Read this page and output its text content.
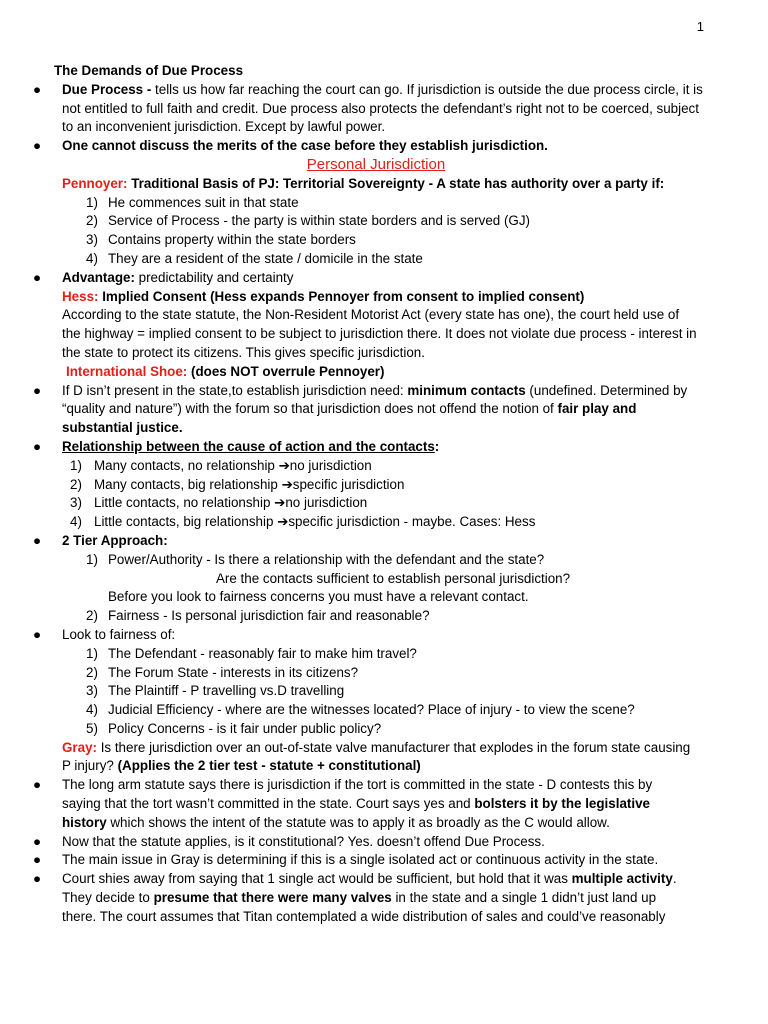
1
The Demands of Due Process
● Due Process - tells us how far reaching the court can go. If jurisdiction is outside the due process circle, it is
not entitled to full faith and credit. Due process also protects the defendant’s right not to be coerced, subject
to an inconvenient jurisdiction. Except by lawful power.
● One cannot discuss the merits of the case before they establish jurisdiction.
Personal Jurisdiction
Pennoyer: Traditional Basis of PJ: Territorial Sovereignty - A state has authority over a party if:
1) He commences suit in that state
2) Service of Process - the party is within state borders and is served (GJ)
3) Contains property within the state borders
4) They are a resident of the state / domicile in the state
● Advantage: predictability and certainty
Hess: Implied Consent (Hess expands Pennoyer from consent to implied consent)
According to the state statute, the Non-Resident Motorist Act (every state has one), the court held use of
the highway = implied consent to be subject to jurisdiction there. It does not violate due process - interest in
the state to protect its citizens. This gives specific jurisdiction.
International Shoe: (does NOT overrule Pennoyer)
● If D isn’t present in the state,to establish jurisdiction need: minimum contacts (undefined. Determined by
“quality and nature”) with the forum so that jurisdiction does not offend the notion of fair play and
substantial justice.
● Relationship between the cause of action and the contacts:
1) Many contacts, no relationship ➔no jurisdiction
2) Many contacts, big relationship ➔specific jurisdiction
3) Little contacts, no relationship ➔no jurisdiction
4) Little contacts, big relationship ➔specific jurisdiction - maybe. Cases: Hess
● 2 Tier Approach:
1) Power/Authority - Is there a relationship with the defendant and the state?
Are the contacts sufficient to establish personal jurisdiction?
Before you look to fairness concerns you must have a relevant contact.
2) Fairness - Is personal jurisdiction fair and reasonable?
● Look to fairness of:
1) The Defendant - reasonably fair to make him travel?
2) The Forum State - interests in its citizens?
3) The Plaintiff - P travelling vs.D travelling
4) Judicial Efficiency - where are the witnesses located? Place of injury - to view the scene?
5) Policy Concerns - is it fair under public policy?
Gray: Is there jurisdiction over an out-of-state valve manufacturer that explodes in the forum state causing
P injury? (Applies the 2 tier test - statute + constitutional)
● The long arm statute says there is jurisdiction if the tort is committed in the state - D contests this by
saying that the tort wasn’t committed in the state. Court says yes and bolsters it by the legislative
history which shows the intent of the statute was to apply it as broadly as the C would allow.
● Now that the statute applies, is it constitutional? Yes. doesn’t offend Due Process.
● The main issue in Gray is determining if this is a single isolated act or continuous activity in the state.
● Court shies away from saying that 1 single act would be sufficient, but hold that it was multiple activity.
They decide to presume that there were many valves in the state and a single 1 didn’t just land up
there. The court assumes that Titan contemplated a wide distribution of sales and could’ve reasonably
